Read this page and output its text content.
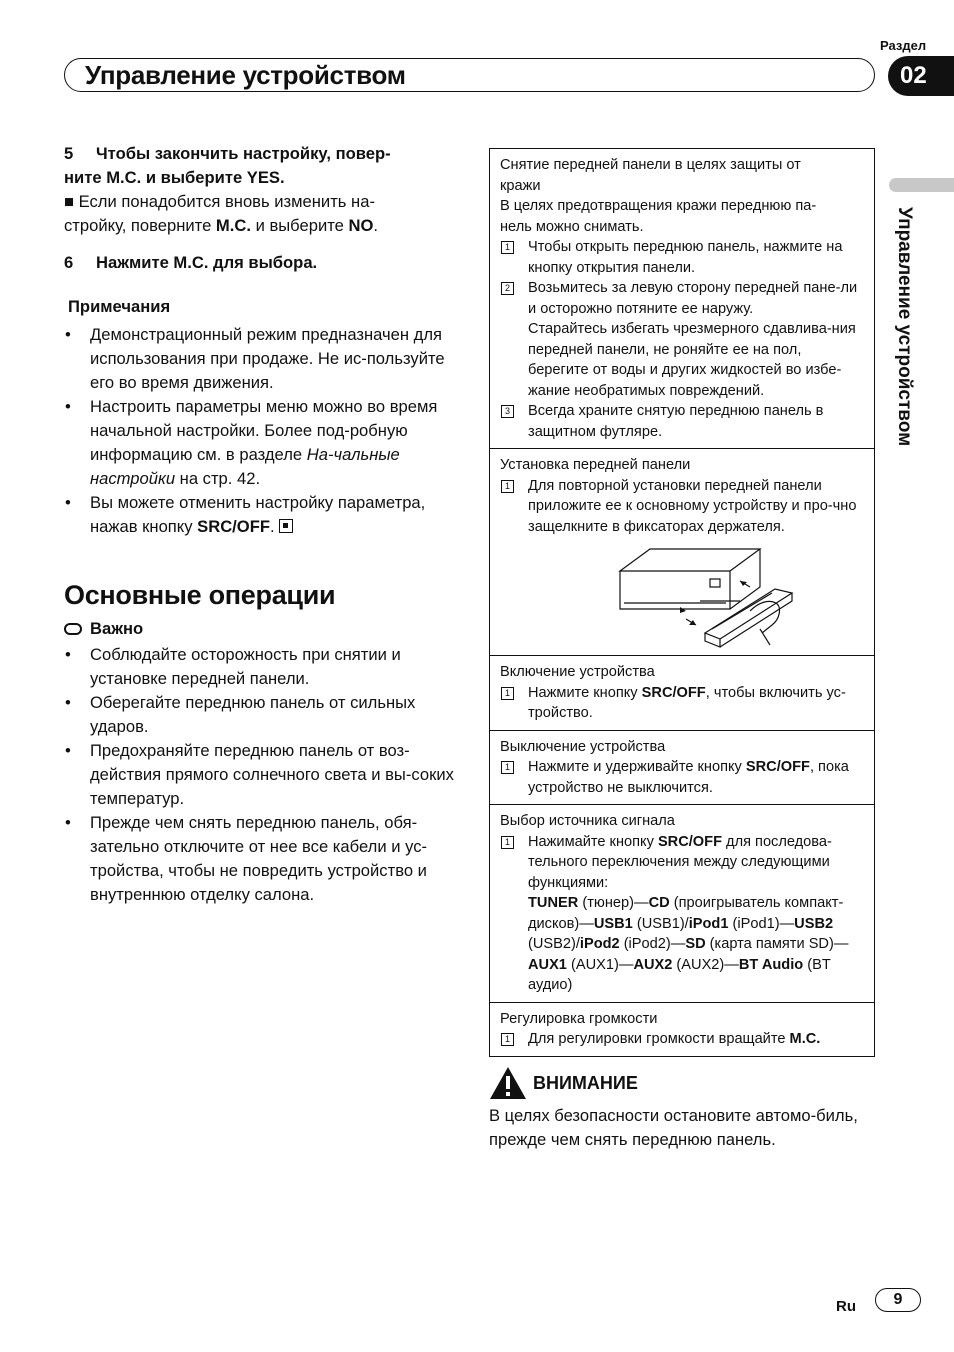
Раздел
02
Управление устройством
Управление устройством

5 Чтобы закончить настройку, повер-
ните M.C. и выберите YES.

■ Если понадобится вновь изменить на-
стройку, поверните M.C. и выберите NO.

6 Нажмите M.C. для выбора.

Примечания
• Демонстрационный режим предназначен для использования при продаже. Не ис-пользуйте его во время движения.
• Настроить параметры меню можно во время начальной настройки. Более под-робную информацию см. в разделе На-чальные настройки на стр. 42.
• Вы можете отменить настройку параметра, нажав кнопку SRC/OFF.
Основные операции
Важно
• Соблюдайте осторожность при снятии и установке передней панели.
• Оберегайте переднюю панель от сильных ударов.
• Предохраняйте переднюю панель от воз-действия прямого солнечного света и вы-соких температур.
• Прежде чем снять переднюю панель, обя-зательно отключите от нее все кабели и ус-тройства, чтобы не повредить устройство и внутреннюю отделку салона.
Снятие передней панели в целях защиты от
кражи
В целях предотвращения кражи переднюю па-
нель можно снимать.
1 Чтобы открыть переднюю панель, нажмите на кнопку открытия панели.
2 Возьмитесь за левую сторону передней пане-ли и осторожно потяните ее наружу.
Старайтесь избегать чрезмерного сдавлива-ния передней панели, не роняйте ее на пол, берегите от воды и других жидкостей во избе-жание необратимых повреждений.
3 Всегда храните снятую переднюю панель в защитном футляре.
Установка передней панели
1 Для повторной установки передней панели приложите ее к основному устройству и про-чно защелкните в фиксаторах держателя.
Включение устройства
1 Нажмите кнопку SRC/OFF, чтобы включить ус-тройство.
Выключение устройства
1 Нажмите и удерживайте кнопку SRC/OFF, пока устройство не выключится.
Выбор источника сигнала
1 Нажимайте кнопку SRC/OFF для последова-тельного переключения между следующими функциями:
TUNER (тюнер)—CD (проигрыватель компакт-дисков)—USB1 (USB1)/iPod1 (iPod1)—USB2 (USB2)/iPod2 (iPod2)—SD (карта памяти SD)—AUX1 (AUX1)—AUX2 (AUX2)—BT Audio (BT аудио)
Регулировка громкости
1 Для регулировки громкости вращайте M.C.
ВНИМАНИЕ

В целях безопасности остановите автомо-биль, прежде чем снять переднюю панель.

Ru	9
